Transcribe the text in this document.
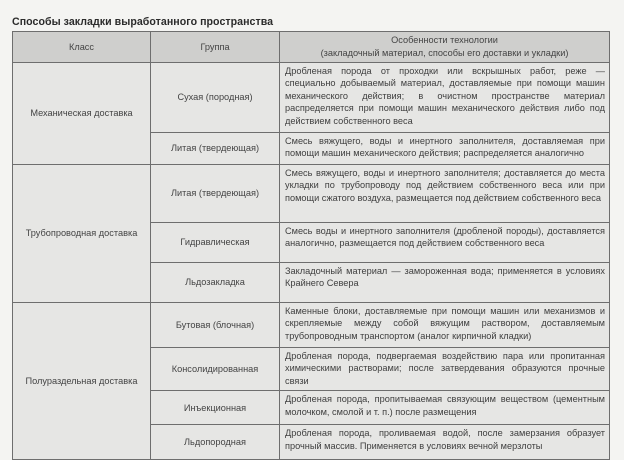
Способы закладки выработанного пространства
Класс	Группа	Особенности технологии
(закладочный материал, способы его доставки и укладки)

Механическая доставка	Сухая (породная)	Дробленая порода от проходки или вскрышных работ, реже — специально добываемый материал, доставляемые при помощи машин механического действия; в очистном пространстве материал распределяется при помощи машин механического действия либо под действием собственного веса
	Литая (твердеющая)	Смесь вяжущего, воды и инертного заполнителя, доставляемая при помощи машин механического действия; распределяется аналогично
Трубопроводная доставка	Литая (твердеющая)	Смесь вяжущего, воды и инертного заполнителя; доставляется до места укладки по трубопроводу под действием собственного веса или при помощи сжатого воздуха, размещается под действием собственного веса
	Гидравлическая	Смесь воды и инертного заполнителя (дробленой породы), доставляется аналогично, размещается под действием собственного веса
	Льдозакладка	Закладочный материал — замороженная вода; применяется в условиях Крайнего Севера
Полураздельная доставка	Бутовая (блочная)	Каменные блоки, доставляемые при помощи машин или механизмов и скрепляемые между собой вяжущим раствором, доставляемым трубопроводным транспортом (аналог кирпичной кладки)
	Консолидированная	Дробленая порода, подвергаемая воздействию пара или пропитанная химическими растворами; после затвердевания образуются прочные связи
	Инъекционная	Дробленая порода, пропитываемая связующим веществом (цементным молочком, смолой и т. п.) после размещения
	Льдопородная	Дробленая порода, проливаемая водой, после замерзания образует прочный массив. Применяется в условиях вечной мерзлоты
